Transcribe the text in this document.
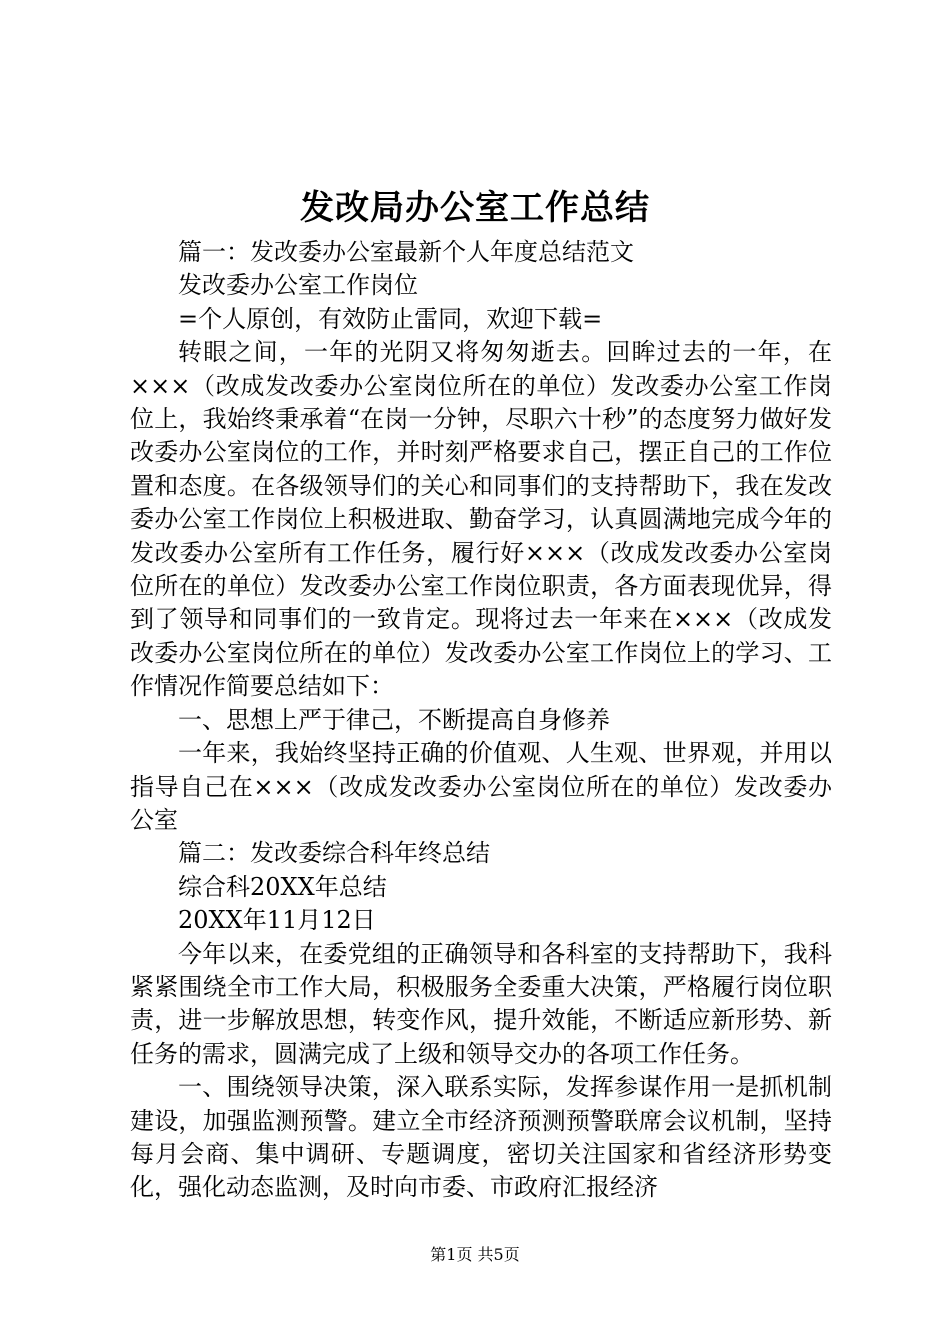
发改局办公室工作总结

篇一：发改委办公室最新个人年度总结范文

发改委办公室工作岗位

=个人原创，有效防止雷同，欢迎下载=

转眼之间，一年的光阴又将匆匆逝去。回眸过去的一年，在×××（改成发改委办公室岗位所在的单位）发改委办公室工作岗位上，我始终秉承着“在岗一分钟，尽职六十秒”的态度努力做好发改委办公室岗位的工作，并时刻严格要求自己，摆正自己的工作位置和态度。在各级领导们的关心和同事们的支持帮助下，我在发改委办公室工作岗位上积极进取、勤奋学习，认真圆满地完成今年的发改委办公室所有工作任务，履行好×××（改成发改委办公室岗位所在的单位）发改委办公室工作岗位职责，各方面表现优异，得到了领导和同事们的一致肯定。现将过去一年来在×××（改成发改委办公室岗位所在的单位）发改委办公室工作岗位上的学习、工作情况作简要总结如下：

一、思想上严于律己，不断提高自身修养

一年来，我始终坚持正确的价值观、人生观、世界观，并用以指导自己在×××（改成发改委办公室岗位所在的单位）发改委办公室

篇二：发改委综合科年终总结

综合科20XX年总结

20XX年11月12日

今年以来，在委党组的正确领导和各科室的支持帮助下，我科紧紧围绕全市工作大局，积极服务全委重大决策，严格履行岗位职责，进一步解放思想，转变作风，提升效能，不断适应新形势、新任务的需求，圆满完成了上级和领导交办的各项工作任务。

一、围绕领导决策，深入联系实际，发挥参谋作用一是抓机制建设，加强监测预警。建立全市经济预测预警联席会议机制，坚持每月会商、集中调研、专题调度，密切关注国家和省经济形势变化，强化动态监测，及时向市委、市政府汇报经济

第1页 共5页
